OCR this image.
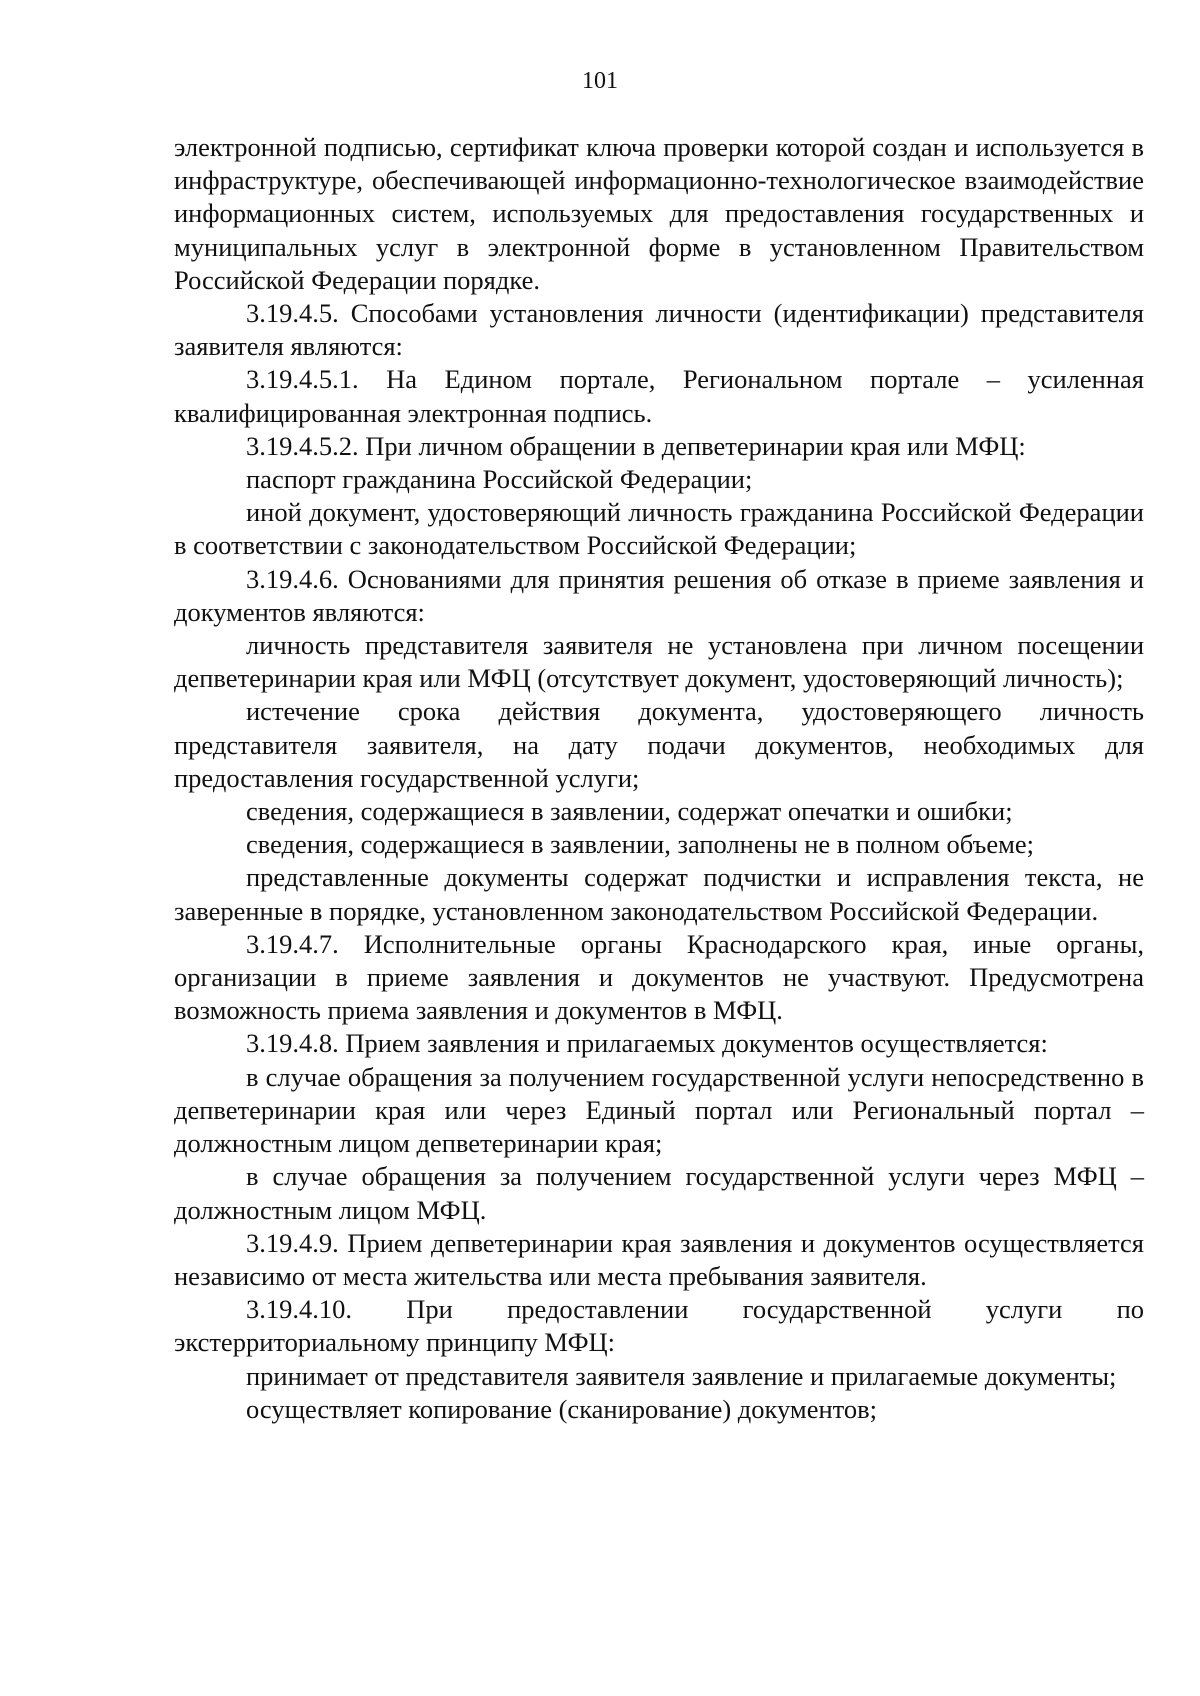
101

электронной подписью, сертификат ключа проверки которой создан и используется в инфраструктуре, обеспечивающей информационно-технологическое взаимодействие информационных систем, используемых для предоставления государственных и муниципальных услуг в электронной форме в установленном Правительством Российской Федерации порядке.

3.19.4.5. Способами установления личности (идентификации) представителя заявителя являются:

3.19.4.5.1. На Едином портале, Региональном портале – усиленная квалифицированная электронная подпись.

3.19.4.5.2. При личном обращении в депветеринарии края или МФЦ:

паспорт гражданина Российской Федерации;

иной документ, удостоверяющий личность гражданина Российской Федерации в соответствии с законодательством Российской Федерации;

3.19.4.6. Основаниями для принятия решения об отказе в приеме заявления и документов являются:

личность представителя заявителя не установлена при личном посещении депветеринарии края или МФЦ (отсутствует документ, удостоверяющий личность);

истечение срока действия документа, удостоверяющего личность представителя заявителя, на дату подачи документов, необходимых для предоставления государственной услуги;

сведения, содержащиеся в заявлении, содержат опечатки и ошибки;

сведения, содержащиеся в заявлении, заполнены не в полном объеме;

представленные документы содержат подчистки и исправления текста, не заверенные в порядке, установленном законодательством Российской Федерации.

3.19.4.7. Исполнительные органы Краснодарского края, иные органы, организации в приеме заявления и документов не участвуют. Предусмотрена возможность приема заявления и документов в МФЦ.

3.19.4.8. Прием заявления и прилагаемых документов осуществляется:

в случае обращения за получением государственной услуги непосредственно в депветеринарии края или через Единый портал или Региональный портал – должностным лицом депветеринарии края;

в случае обращения за получением государственной услуги через МФЦ – должностным лицом МФЦ.

3.19.4.9. Прием депветеринарии края заявления и документов осуществляется независимо от места жительства или места пребывания заявителя.

3.19.4.10. При предоставлении государственной услуги по экстерриториальному принципу МФЦ:

принимает от представителя заявителя заявление и прилагаемые документы;

осуществляет копирование (сканирование) документов;
